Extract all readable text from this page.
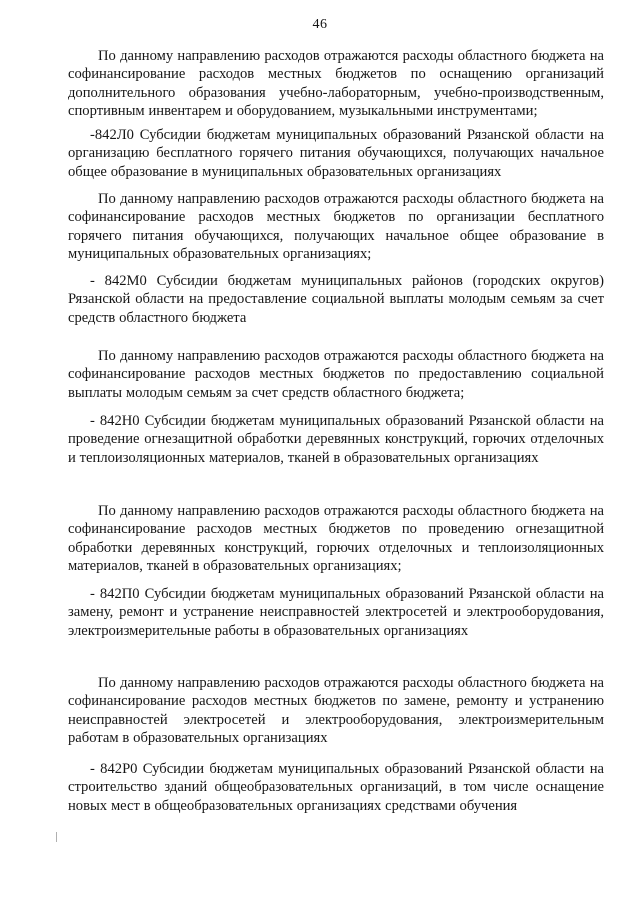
46

По данному направлению расходов отражаются расходы областного бюджета на софинансирование расходов местных бюджетов по оснащению организаций дополнительного образования учебно-лабораторным, учебно-производственным, спортивным инвентарем и оборудованием, музыкальными инструментами;

-842Л0 Субсидии бюджетам муниципальных образований Рязанской области на организацию бесплатного горячего питания обучающихся, получающих начальное общее образование в муниципальных образовательных организациях

По данному направлению расходов отражаются расходы областного бюджета на софинансирование расходов местных бюджетов по организации бесплатного горячего питания обучающихся, получающих начальное общее образование в муниципальных образовательных организациях;

- 842М0 Субсидии бюджетам муниципальных районов (городских округов) Рязанской области на предоставление социальной выплаты молодым семьям за счет средств областного бюджета

По данному направлению расходов отражаются расходы областного бюджета на софинансирование расходов местных бюджетов по предоставлению социальной выплаты молодым семьям за счет средств областного бюджета;

- 842Н0 Субсидии бюджетам муниципальных образований Рязанской области на проведение огнезащитной обработки деревянных конструкций, горючих отделочных и теплоизоляционных материалов, тканей в образовательных организациях

По данному направлению расходов отражаются расходы областного бюджета на софинансирование расходов местных бюджетов по проведению огнезащитной обработки деревянных конструкций, горючих отделочных и теплоизоляционных материалов, тканей в образовательных организациях;

- 842П0 Субсидии бюджетам муниципальных образований Рязанской области на замену, ремонт и устранение неисправностей электросетей и электрооборудования, электроизмерительные работы в образовательных организациях

По данному направлению расходов отражаются расходы областного бюджета на софинансирование расходов местных бюджетов по замене, ремонту и устранению неисправностей электросетей и электрооборудования, электроизмерительным работам в образовательных организациях

- 842Р0 Субсидии бюджетам муниципальных образований Рязанской области на строительство зданий общеобразовательных организаций, в том числе оснащение новых мест в общеобразовательных организациях средствами обучения
